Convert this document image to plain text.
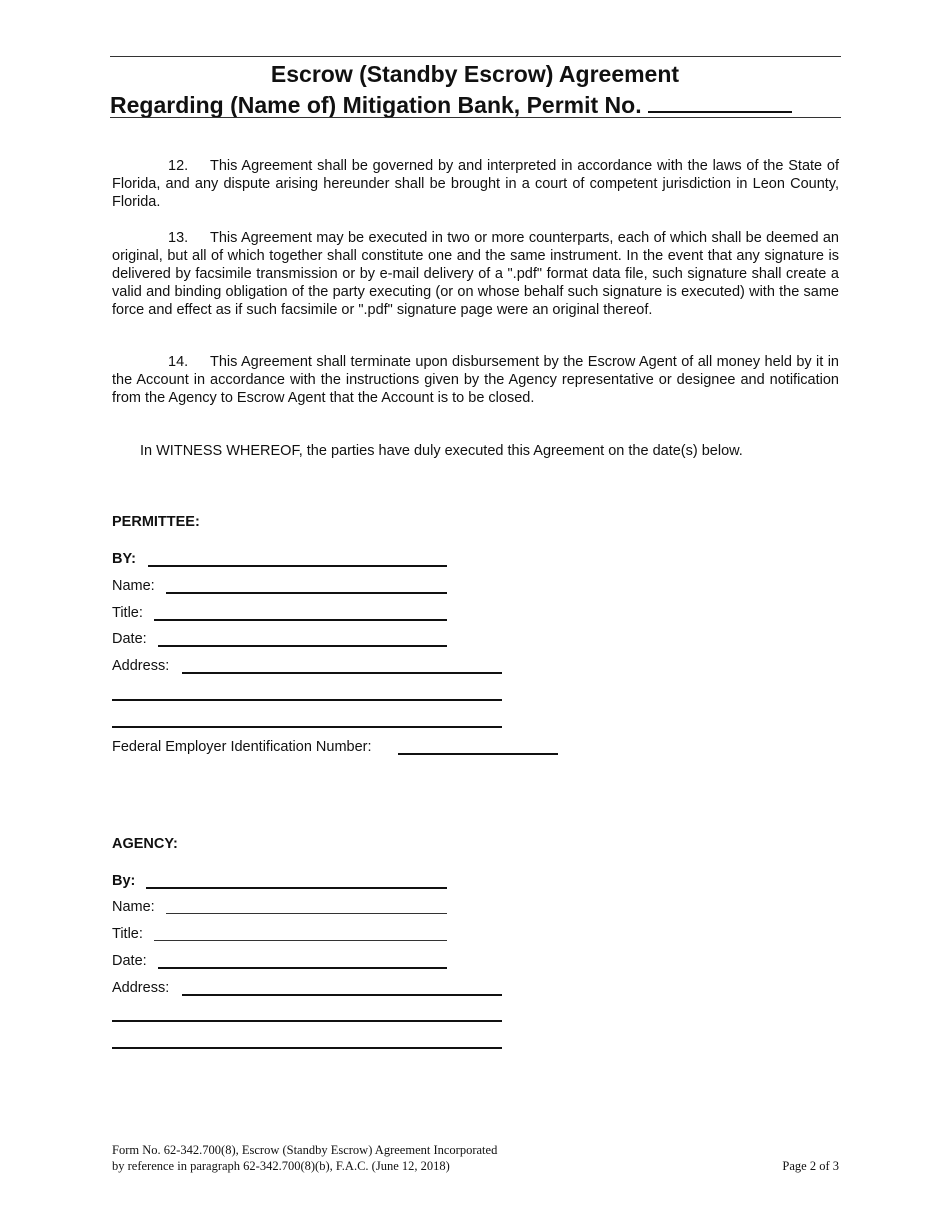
Escrow (Standby Escrow) Agreement
Regarding (Name of) Mitigation Bank, Permit No.
12. This Agreement shall be governed by and interpreted in accordance with the laws of the State of Florida, and any dispute arising hereunder shall be brought in a court of competent jurisdiction in Leon County, Florida.
13. This Agreement may be executed in two or more counterparts, each of which shall be deemed an original, but all of which together shall constitute one and the same instrument. In the event that any signature is delivered by facsimile transmission or by e-mail delivery of a ".pdf" format data file, such signature shall create a valid and binding obligation of the party executing (or on whose behalf such signature is executed) with the same force and effect as if such facsimile or ".pdf" signature page were an original thereof.
14. This Agreement shall terminate upon disbursement by the Escrow Agent of all money held by it in the Account in accordance with the instructions given by the Agency representative or designee and notification from the Agency to Escrow Agent that the Account is to be closed.
In WITNESS WHEREOF, the parties have duly executed this Agreement on the date(s) below.
PERMITTEE:
BY:
Name:
Title:
Date:
Address:
Federal Employer Identification Number:
AGENCY:
By:
Name:
Title:
Date:
Address:
Form No. 62-342.700(8), Escrow (Standby Escrow) Agreement Incorporated
by reference in paragraph 62-342.700(8)(b), F.A.C. (June 12, 2018)	Page 2 of 3
